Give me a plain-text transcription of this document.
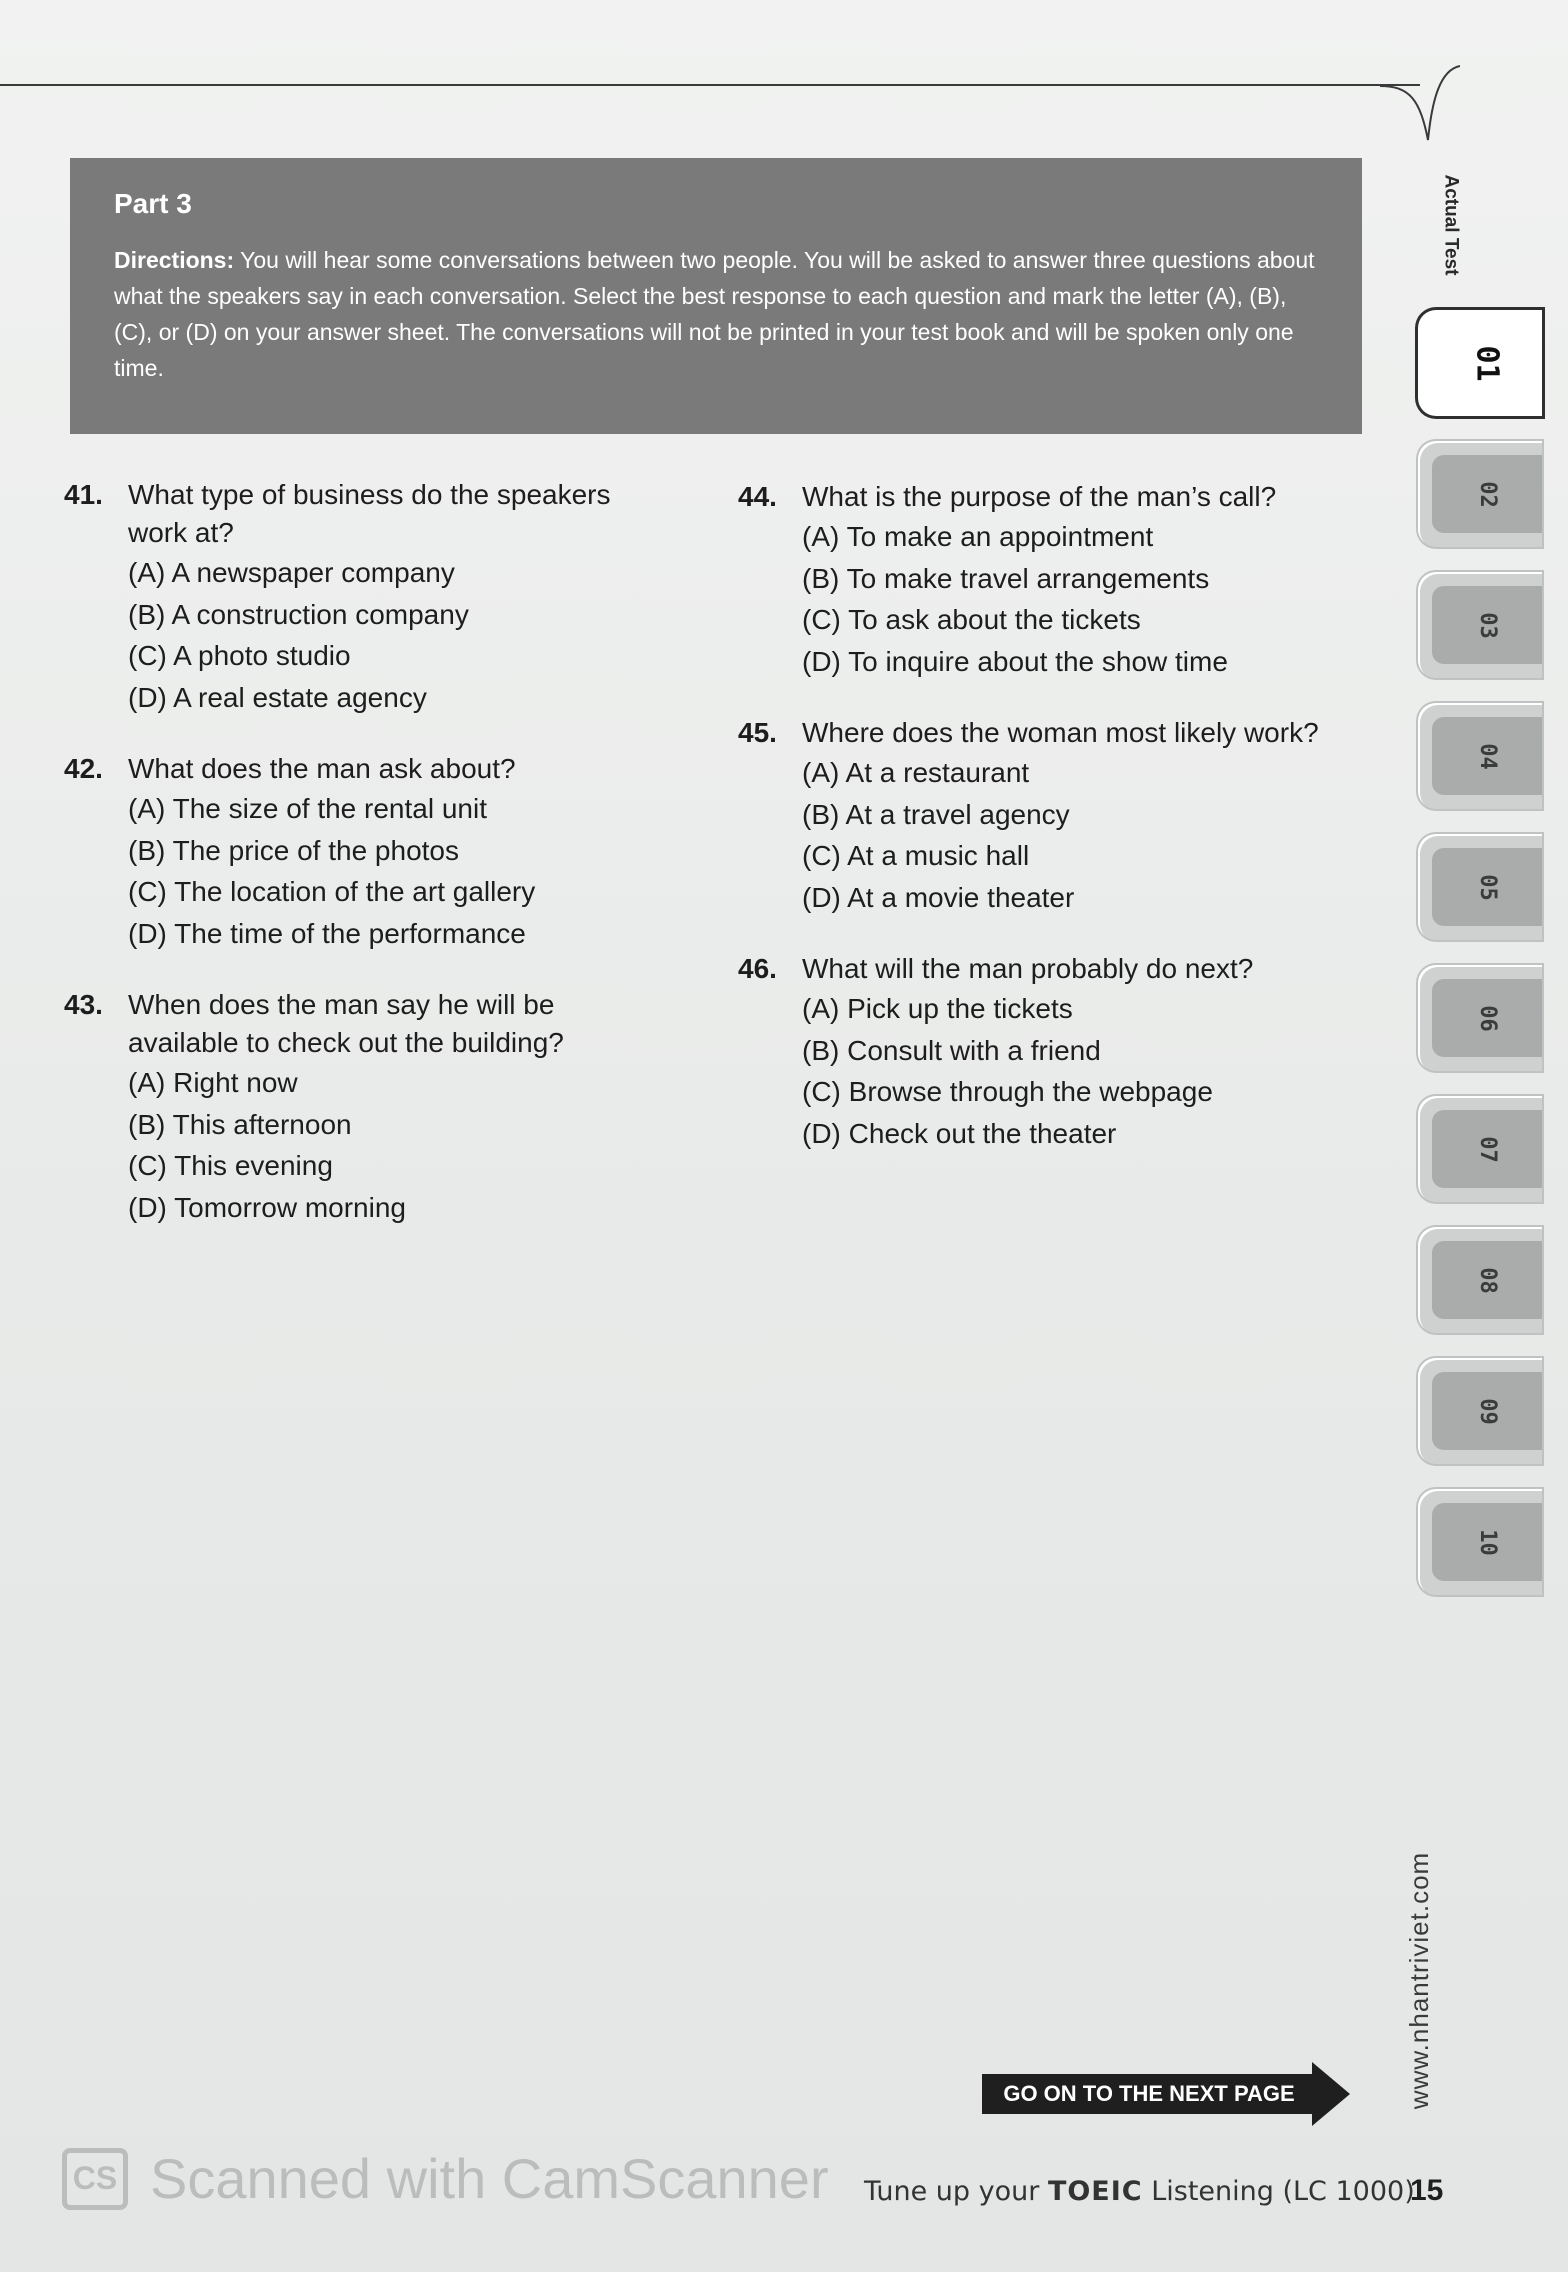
Part 3
Directions: You will hear some conversations between two people. You will be asked to answer three questions about what the speakers say in each conversation. Select the best response to each question and mark the letter (A), (B), (C), or (D) on your answer sheet. The conversations will not be printed in your test book and will be spoken only one time.
41. What type of business do the speakers work at?
(A) A newspaper company
(B) A construction company
(C) A photo studio
(D) A real estate agency
42. What does the man ask about?
(A) The size of the rental unit
(B) The price of the photos
(C) The location of the art gallery
(D) The time of the performance
43. When does the man say he will be available to check out the building?
(A) Right now
(B) This afternoon
(C) This evening
(D) Tomorrow morning
44. What is the purpose of the man’s call?
(A) To make an appointment
(B) To make travel arrangements
(C) To ask about the tickets
(D) To inquire about the show time
45. Where does the woman most likely work?
(A) At a restaurant
(B) At a travel agency
(C) At a music hall
(D) At a movie theater
46. What will the man probably do next?
(A) Pick up the tickets
(B) Consult with a friend
(C) Browse through the webpage
(D) Check out the theater
Actual Test
01
02
03
04
05
06
07
08
09
10
www.nhantriviet.com
GO ON TO THE NEXT PAGE
CS Scanned with CamScanner Tune up your TOEIC Listening (LC 1000)
15
